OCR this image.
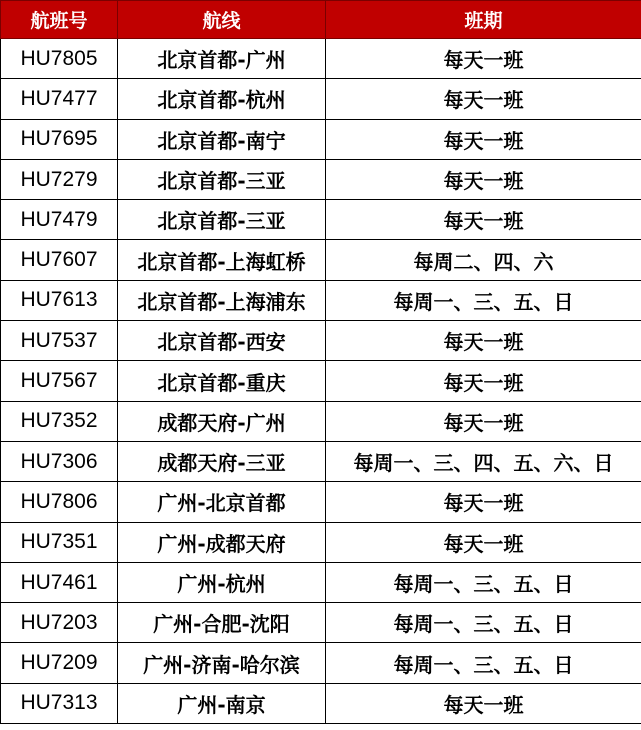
航班号	航线	班期
HU7805	北京首都-广州	每天一班
HU7477	北京首都-杭州	每天一班
HU7695	北京首都-南宁	每天一班
HU7279	北京首都-三亚	每天一班
HU7479	北京首都-三亚	每天一班
HU7607	北京首都-上海虹桥	每周二、四、六
HU7613	北京首都-上海浦东	每周一、三、五、日
HU7537	北京首都-西安	每天一班
HU7567	北京首都-重庆	每天一班
HU7352	成都天府-广州	每天一班
HU7306	成都天府-三亚	每周一、三、四、五、六、日
HU7806	广州-北京首都	每天一班
HU7351	广州-成都天府	每天一班
HU7461	广州-杭州	每周一、三、五、日
HU7203	广州-合肥-沈阳	每周一、三、五、日
HU7209	广州-济南-哈尔滨	每周一、三、五、日
HU7313	广州-南京	每天一班
